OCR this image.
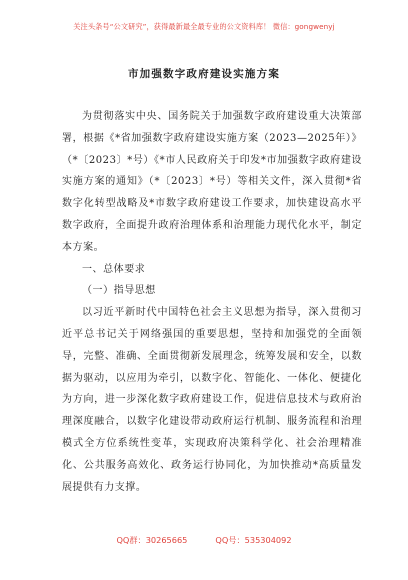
关注头条号“公文研究”，获得最新最全最专业的公文资料库！ 微信：gongwenyj
市加强数字政府建设实施方案

为贯彻落实中央、国务院关于加强数字政府建设重大决策部署，根据《*省加强数字政府建设实施方案（2023—2025年）》（*〔2023〕*号）《*市人民政府关于印发*市加强数字政府建设实施方案的通知》（*〔2023〕*号）等相关文件，深入贯彻*省数字化转型战略及*市数字政府建设工作要求，加快建设高水平数字政府，全面提升政府治理体系和治理能力现代化水平，制定本方案。

一、总体要求

（一）指导思想

以习近平新时代中国特色社会主义思想为指导，深入贯彻习近平总书记关于网络强国的重要思想，坚持和加强党的全面领导，完整、准确、全面贯彻新发展理念，统筹发展和安全，以数据为驱动，以应用为牵引，以数字化、智能化、一体化、便捷化为方向，进一步深化数字政府建设工作，促进信息技术与政府治理深度融合，以数字化建设带动政府运行机制、服务流程和治理模式全方位系统性变革，实现政府决策科学化、社会治理精准化、公共服务高效化、政务运行协同化，为加快推动*高质量发展提供有力支撑。

QQ群：30265665	QQ号：535304092
